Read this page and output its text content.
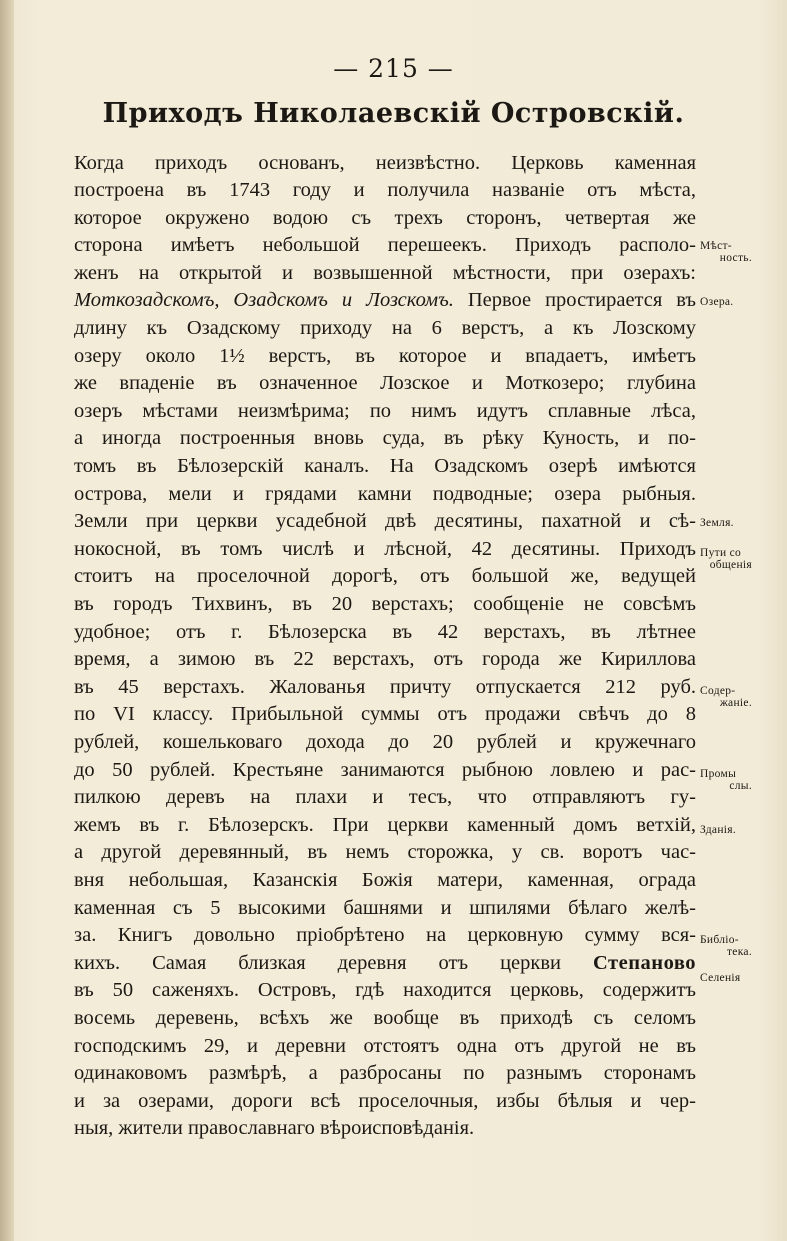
— 215 —
Приходъ Николаевскій Островскій.
Когда приходъ основанъ, неизвѣстно. Церковь каменная
построена въ 1743 году и получила названіе отъ мѣста,
которое окружено водою съ трехъ сторонъ, четвертая же
сторона имѣетъ небольшой перешеекъ. Приходъ располо-
женъ на открытой и возвышенной мѣстности, при озерахъ:
Моткозадскомъ, Озадскомъ и Лозскомъ. Первое простирается въ
длину къ Озадскому приходу на 6 верстъ, а къ Лозскому
озеру около 1½ верстъ, въ которое и впадаетъ, имѣетъ
же впаденіе въ означенное Лозское и Моткозеро; глубина
озеръ мѣстами неизмѣрима; по нимъ идутъ сплавные лѣса,
а иногда построенныя вновь суда, въ рѣку Куность, и по-
томъ въ Бѣлозерскій каналъ. На Озадскомъ озерѣ имѣются
острова, мели и грядами камни подводные; озера рыбныя.
Земли при церкви усадебной двѣ десятины, пахатной и сѣ-
нокосной, въ томъ числѣ и лѣсной, 42 десятины. Приходъ
стоитъ на проселочной дорогѣ, отъ большой же, ведущей
въ городъ Тихвинъ, въ 20 верстахъ; сообщеніе не совсѣмъ
удобное; отъ г. Бѣлозерска въ 42 верстахъ, въ лѣтнее
время, а зимою въ 22 верстахъ, отъ города же Кириллова
въ 45 верстахъ. Жалованья причту отпускается 212 руб.
по VI классу. Прибыльной суммы отъ продажи свѣчъ до 8
рублей, кошельковаго дохода до 20 рублей и кружечнаго
до 50 рублей. Крестьяне занимаются рыбною ловлею и рас-
пилкою деревъ на плахи и тесъ, что отправляютъ гу-
жемъ въ г. Бѣлозерскъ. При церкви каменный домъ ветхій,
а другой деревянный, въ немъ сторожка, у св. воротъ час-
вня небольшая, Казанскія Божія матери, каменная, ограда
каменная съ 5 высокими башнями и шпилями бѣлаго желѣ-
за. Книгъ довольно пріобрѣтено на церковную сумму вся-
кихъ. Самая близкая деревня отъ церкви Степаново
въ 50 саженяхъ. Островъ, гдѣ находится церковь, содержитъ
восемь деревень, всѣхъ же вообще въ приходѣ съ селомъ
господскимъ 29, и деревни отстоятъ одна отъ другой не въ
одинаковомъ размѣрѣ, а разбросаны по разнымъ сторонамъ
и за озерами, дороги всѣ проселочныя, избы бѣлыя и чер-
ныя, жители православнаго вѣроисповѣданія.
Мѣст-
ность.
Озера.
Земля.
Пути со
общенія
Содер-
жаніе.
Промы
слы.
Зданія.
Библіо-
тека.
Селенія
